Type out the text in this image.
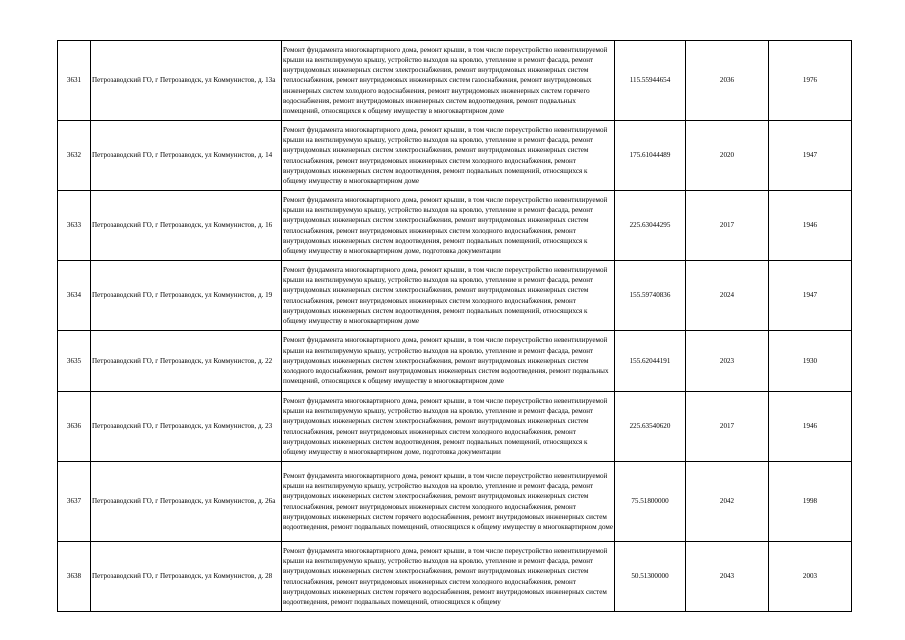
3631	Петрозаводский ГО, г Петрозаводск, ул Коммунистов, д. 13а	Ремонт фундамента многоквартирного дома, ремонт крыши, в том числе переустройство невентилируемой крыши на вентилируемую крышу, устройство выходов на кровлю, утепление и ремонт фасада, ремонт внутридомовых инженерных систем электроснабжения, ремонт внутридомовых инженерных систем теплоснабжения, ремонт внутридомовых инженерных систем газоснабжения, ремонт внутридомовых инженерных систем холодного водоснабжения, ремонт внутридомовых инженерных систем горячего водоснабжения, ремонт внутридомовых инженерных систем водоотведения, ремонт подвальных помещений, относящихся к общему имуществу в многоквартирном доме	115.55944654	2036	1976
3632	Петрозаводский ГО, г Петрозаводск, ул Коммунистов, д. 14	Ремонт фундамента многоквартирного дома, ремонт крыши, в том числе переустройство невентилируемой крыши на вентилируемую крышу, устройство выходов на кровлю, утепление и ремонт фасада, ремонт внутридомовых инженерных систем электроснабжения, ремонт внутридомовых инженерных систем теплоснабжения, ремонт внутридомовых инженерных систем холодного водоснабжения, ремонт внутридомовых инженерных систем водоотведения, ремонт подвальных помещений, относящихся к общему имуществу в многоквартирном доме	175.61044489	2020	1947
3633	Петрозаводский ГО, г Петрозаводск, ул Коммунистов, д. 16	Ремонт фундамента многоквартирного дома, ремонт крыши, в том числе переустройство невентилируемой крыши на вентилируемую крышу, устройство выходов на кровлю, утепление и ремонт фасада, ремонт внутридомовых инженерных систем электроснабжения, ремонт внутридомовых инженерных систем теплоснабжения, ремонт внутридомовых инженерных систем холодного водоснабжения, ремонт внутридомовых инженерных систем водоотведения, ремонт подвальных помещений, относящихся к общему имуществу в многоквартирном доме, подготовка документации	225.63044295	2017	1946
3634	Петрозаводский ГО, г Петрозаводск, ул Коммунистов, д. 19	Ремонт фундамента многоквартирного дома, ремонт крыши, в том числе переустройство невентилируемой крыши на вентилируемую крышу, устройство выходов на кровлю, утепление и ремонт фасада, ремонт внутридомовых инженерных систем электроснабжения, ремонт внутридомовых инженерных систем теплоснабжения, ремонт внутридомовых инженерных систем холодного водоснабжения, ремонт внутридомовых инженерных систем водоотведения, ремонт подвальных помещений, относящихся к общему имуществу в многоквартирном доме	155.59740836	2024	1947
3635	Петрозаводский ГО, г Петрозаводск, ул Коммунистов, д. 22	Ремонт фундамента многоквартирного дома, ремонт крыши, в том числе переустройство невентилируемой крыши на вентилируемую крышу, устройство выходов на кровлю, утепление и ремонт фасада, ремонт внутридомовых инженерных систем электроснабжения, ремонт внутридомовых инженерных систем холодного водоснабжения, ремонт внутридомовых инженерных систем водоотведения, ремонт подвальных помещений, относящихся к общему имуществу в многоквартирном доме	155.62044191	2023	1930
3636	Петрозаводский ГО, г Петрозаводск, ул Коммунистов, д. 23	Ремонт фундамента многоквартирного дома, ремонт крыши, в том числе переустройство невентилируемой крыши на вентилируемую крышу, устройство выходов на кровлю, утепление и ремонт фасада, ремонт внутридомовых инженерных систем электроснабжения, ремонт внутридомовых инженерных систем теплоснабжения, ремонт внутридомовых инженерных систем холодного водоснабжения, ремонт внутридомовых инженерных систем водоотведения, ремонт подвальных помещений, относящихся к общему имуществу в многоквартирном доме, подготовка документации	225.63540620	2017	1946
3637	Петрозаводский ГО, г Петрозаводск, ул Коммунистов, д. 26а	Ремонт фундамента многоквартирного дома, ремонт крыши, в том числе переустройство невентилируемой крыши на вентилируемую крышу, устройство выходов на кровлю, утепление и ремонт фасада, ремонт внутридомовых инженерных систем электроснабжения, ремонт внутридомовых инженерных систем теплоснабжения, ремонт внутридомовых инженерных систем холодного водоснабжения, ремонт внутридомовых инженерных систем горячего водоснабжения, ремонт внутридомовых инженерных систем водоотведения, ремонт подвальных помещений, относящихся к общему имуществу в многоквартирном доме	75.51800000	2042	1998
3638	Петрозаводский ГО, г Петрозаводск, ул Коммунистов, д. 28	Ремонт фундамента многоквартирного дома, ремонт крыши, в том числе переустройство невентилируемой крыши на вентилируемую крышу, устройство выходов на кровлю, утепление и ремонт фасада, ремонт внутридомовых инженерных систем электроснабжения, ремонт внутридомовых инженерных систем теплоснабжения, ремонт внутридомовых инженерных систем холодного водоснабжения, ремонт внутридомовых инженерных систем горячего водоснабжения, ремонт внутридомовых инженерных систем водоотведения, ремонт подвальных помещений, относящихся к общему	50.51300000	2043	2003
